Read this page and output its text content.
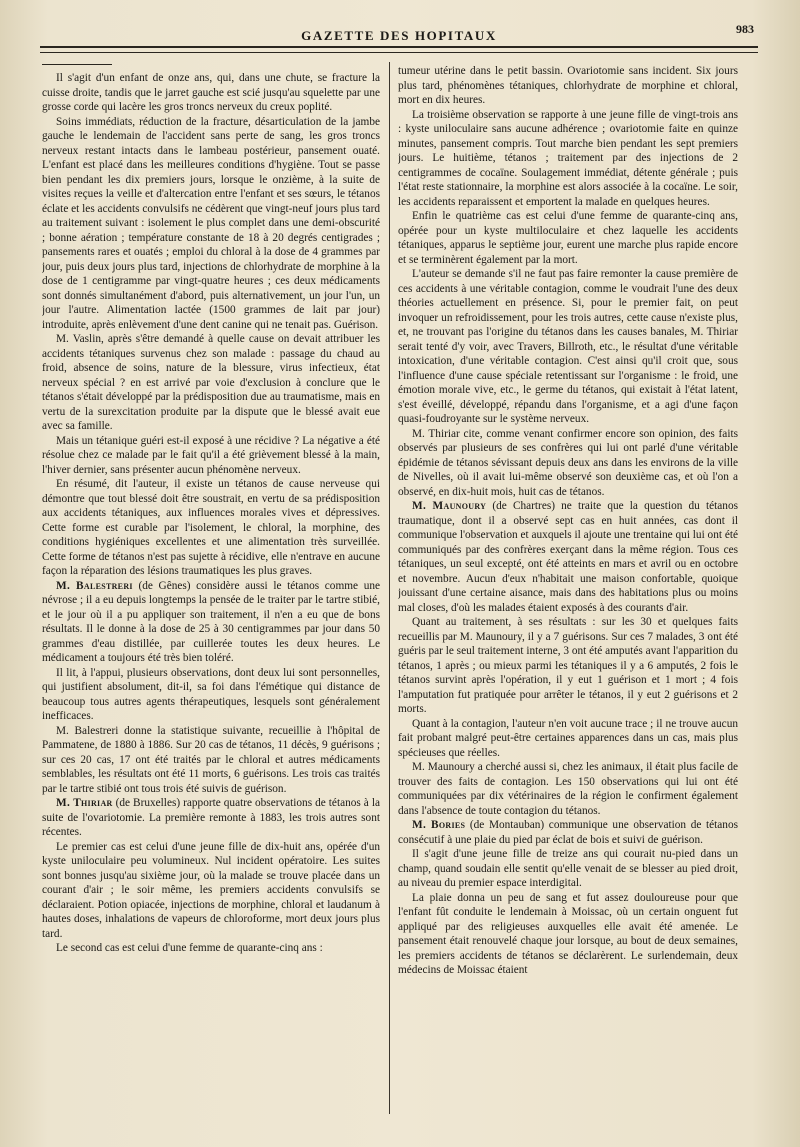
GAZETTE DES HOPITAUX	983

Il s'agit d'un enfant de onze ans, qui, dans une chute, se fracture la cuisse droite, tandis que le jarret gauche est scié jusqu'au squelette par une grosse corde qui lacère les gros troncs nerveux du creux poplité.

Soins immédiats, réduction de la fracture, désarticulation de la jambe gauche le lendemain de l'accident sans perte de sang, les gros troncs nerveux restant intacts dans le lambeau postérieur, pansement ouaté. L'enfant est placé dans les meilleures conditions d'hygiène. Tout se passe bien pendant les dix premiers jours, lorsque le onzième, à la suite de visites reçues la veille et d'altercation entre l'enfant et ses sœurs, le tétanos éclate et les accidents convulsifs ne cédèrent que vingt-neuf jours plus tard au traitement suivant : isolement le plus complet dans une demi-obscurité ; bonne aération ; température constante de 18 à 20 degrés centigrades ; pansements rares et ouatés ; emploi du chloral à la dose de 4 grammes par jour, puis deux jours plus tard, injections de chlorhydrate de morphine à la dose de 1 centigramme par vingt-quatre heures ; ces deux médicaments sont donnés simultanément d'abord, puis alternativement, un jour l'un, un jour l'autre. Alimentation lactée (1500 grammes de lait par jour) introduite, après enlèvement d'une dent canine qui ne tenait pas. Guérison.

M. Vaslin, après s'être demandé à quelle cause on devait attribuer les accidents tétaniques survenus chez son malade : passage du chaud au froid, absence de soins, nature de la blessure, virus infectieux, état nerveux spécial ? en est arrivé par voie d'exclusion à conclure que le tétanos s'était développé par la prédisposition due au traumatisme, mais en vertu de la surexcitation produite par la dispute que le blessé avait eue avec sa famille.

Mais un tétanique guéri est-il exposé à une récidive ? La négative a été résolue chez ce malade par le fait qu'il a été grièvement blessé à la main, l'hiver dernier, sans présenter aucun phénomène nerveux.

En résumé, dit l'auteur, il existe un tétanos de cause nerveuse qui démontre que tout blessé doit être soustrait, en vertu de sa prédisposition aux accidents tétaniques, aux influences morales vives et dépressives. Cette forme est curable par l'isolement, le chloral, la morphine, des conditions hygiéniques excellentes et une alimentation très surveillée. Cette forme de tétanos n'est pas sujette à récidive, elle n'entrave en aucune façon la réparation des lésions traumatiques les plus graves.

M. Balestreri (de Gênes) considère aussi le tétanos comme une névrose ; il a eu depuis longtemps la pensée de le traiter par le tartre stibié, et le jour où il a pu appliquer son traitement, il n'en a eu que de bons résultats. Il le donne à la dose de 25 à 30 centigrammes par jour dans 50 grammes d'eau distillée, par cuillerée toutes les deux heures. Le médicament a toujours été très bien toléré.

Il lit, à l'appui, plusieurs observations, dont deux lui sont personnelles, qui justifient absolument, dit-il, sa foi dans l'émétique qui distance de beaucoup tous autres agents thérapeutiques, lesquels sont généralement inefficaces.

M. Balestreri donne la statistique suivante, recueillie à l'hôpital de Pammatene, de 1880 à 1886. Sur 20 cas de tétanos, 11 décès, 9 guérisons ; sur ces 20 cas, 17 ont été traités par le chloral et autres médicaments semblables, les résultats ont été 11 morts, 6 guérisons. Les trois cas traités par le tartre stibié ont tous trois été suivis de guérison.

M. Thiriar (de Bruxelles) rapporte quatre observations de tétanos à la suite de l'ovariotomie. La première remonte à 1883, les trois autres sont récentes.

Le premier cas est celui d'une jeune fille de dix-huit ans, opérée d'un kyste uniloculaire peu volumineux. Nul incident opératoire. Les suites sont bonnes jusqu'au sixième jour, où la malade se trouve placée dans un courant d'air ; le soir même, les premiers accidents convulsifs se déclaraient. Potion opiacée, injections de morphine, chloral et laudanum à hautes doses, inhalations de vapeurs de chloroforme, mort deux jours plus tard.

Le second cas est celui d'une femme de quarante-cinq ans :

tumeur utérine dans le petit bassin. Ovariotomie sans incident. Six jours plus tard, phénomènes tétaniques, chlorhydrate de morphine et chloral, mort en dix heures.

La troisième observation se rapporte à une jeune fille de vingt-trois ans : kyste uniloculaire sans aucune adhérence ; ovariotomie faite en quinze minutes, pansement compris. Tout marche bien pendant les sept premiers jours. Le huitième, tétanos ; traitement par des injections de 2 centigrammes de cocaïne. Soulagement immédiat, détente générale ; puis l'état reste stationnaire, la morphine est alors associée à la cocaïne. Le soir, les accidents reparaissent et emportent la malade en quelques heures.

Enfin le quatrième cas est celui d'une femme de quarante-cinq ans, opérée pour un kyste multiloculaire et chez laquelle les accidents tétaniques, apparus le septième jour, eurent une marche plus rapide encore et se terminèrent également par la mort.

L'auteur se demande s'il ne faut pas faire remonter la cause première de ces accidents à une véritable contagion, comme le voudrait l'une des deux théories actuellement en présence. Si, pour le premier fait, on peut invoquer un refroidissement, pour les trois autres, cette cause n'existe plus, et, ne trouvant pas l'origine du tétanos dans les causes banales, M. Thiriar serait tenté d'y voir, avec Travers, Billroth, etc., le résultat d'une véritable intoxication, d'une véritable contagion. C'est ainsi qu'il croit que, sous l'influence d'une cause spéciale retentissant sur l'organisme : le froid, une émotion morale vive, etc., le germe du tétanos, qui existait à l'état latent, s'est éveillé, développé, répandu dans l'organisme, et a agi d'une façon quasi-foudroyante sur le système nerveux.

M. Thiriar cite, comme venant confirmer encore son opinion, des faits observés par plusieurs de ses confrères qui lui ont parlé d'une véritable épidémie de tétanos sévissant depuis deux ans dans les environs de la ville de Nivelles, où il avait lui-même observé son deuxième cas, et où l'on a observé, en dix-huit mois, huit cas de tétanos.

M. Maunoury (de Chartres) ne traite que la question du tétanos traumatique, dont il a observé sept cas en huit années, cas dont il communique l'observation et auxquels il ajoute une trentaine qui lui ont été communiqués par des confrères exerçant dans la même région. Tous ces tétaniques, un seul excepté, ont été atteints en mars et avril ou en octobre et novembre. Aucun d'eux n'habitait une maison confortable, quoique jouissant d'une certaine aisance, mais dans des habitations plus ou moins mal closes, d'où les malades étaient exposés à des courants d'air.

Quant au traitement, à ses résultats : sur les 30 et quelques faits recueillis par M. Maunoury, il y a 7 guérisons. Sur ces 7 malades, 3 ont été guéris par le seul traitement interne, 3 ont été amputés avant l'apparition du tétanos, 1 après ; ou mieux parmi les tétaniques il y a 6 amputés, 2 fois le tétanos survint après l'opération, il y eut 1 guérison et 1 mort ; 4 fois l'amputation fut pratiquée pour arrêter le tétanos, il y eut 2 guérisons et 2 morts.

Quant à la contagion, l'auteur n'en voit aucune trace ; il ne trouve aucun fait probant malgré peut-être certaines apparences dans un cas, mais plus spécieuses que réelles.

M. Maunoury a cherché aussi si, chez les animaux, il était plus facile de trouver des faits de contagion. Les 150 observations qui lui ont été communiquées par dix vétérinaires de la région le confirment également dans l'absence de toute contagion du tétanos.

M. Bories (de Montauban) communique une observation de tétanos consécutif à une plaie du pied par éclat de bois et suivi de guérison.

Il s'agit d'une jeune fille de treize ans qui courait nu-pied dans un champ, quand soudain elle sentit qu'elle venait de se blesser au pied droit, au niveau du premier espace interdigital.

La plaie donna un peu de sang et fut assez douloureuse pour que l'enfant fût conduite le lendemain à Moissac, où un certain onguent fut appliqué par des religieuses auxquelles elle avait été amenée. Le pansement était renouvelé chaque jour lorsque, au bout de deux semaines, les premiers accidents de tétanos se déclarèrent. Le surlendemain, deux médecins de Moissac étaient
